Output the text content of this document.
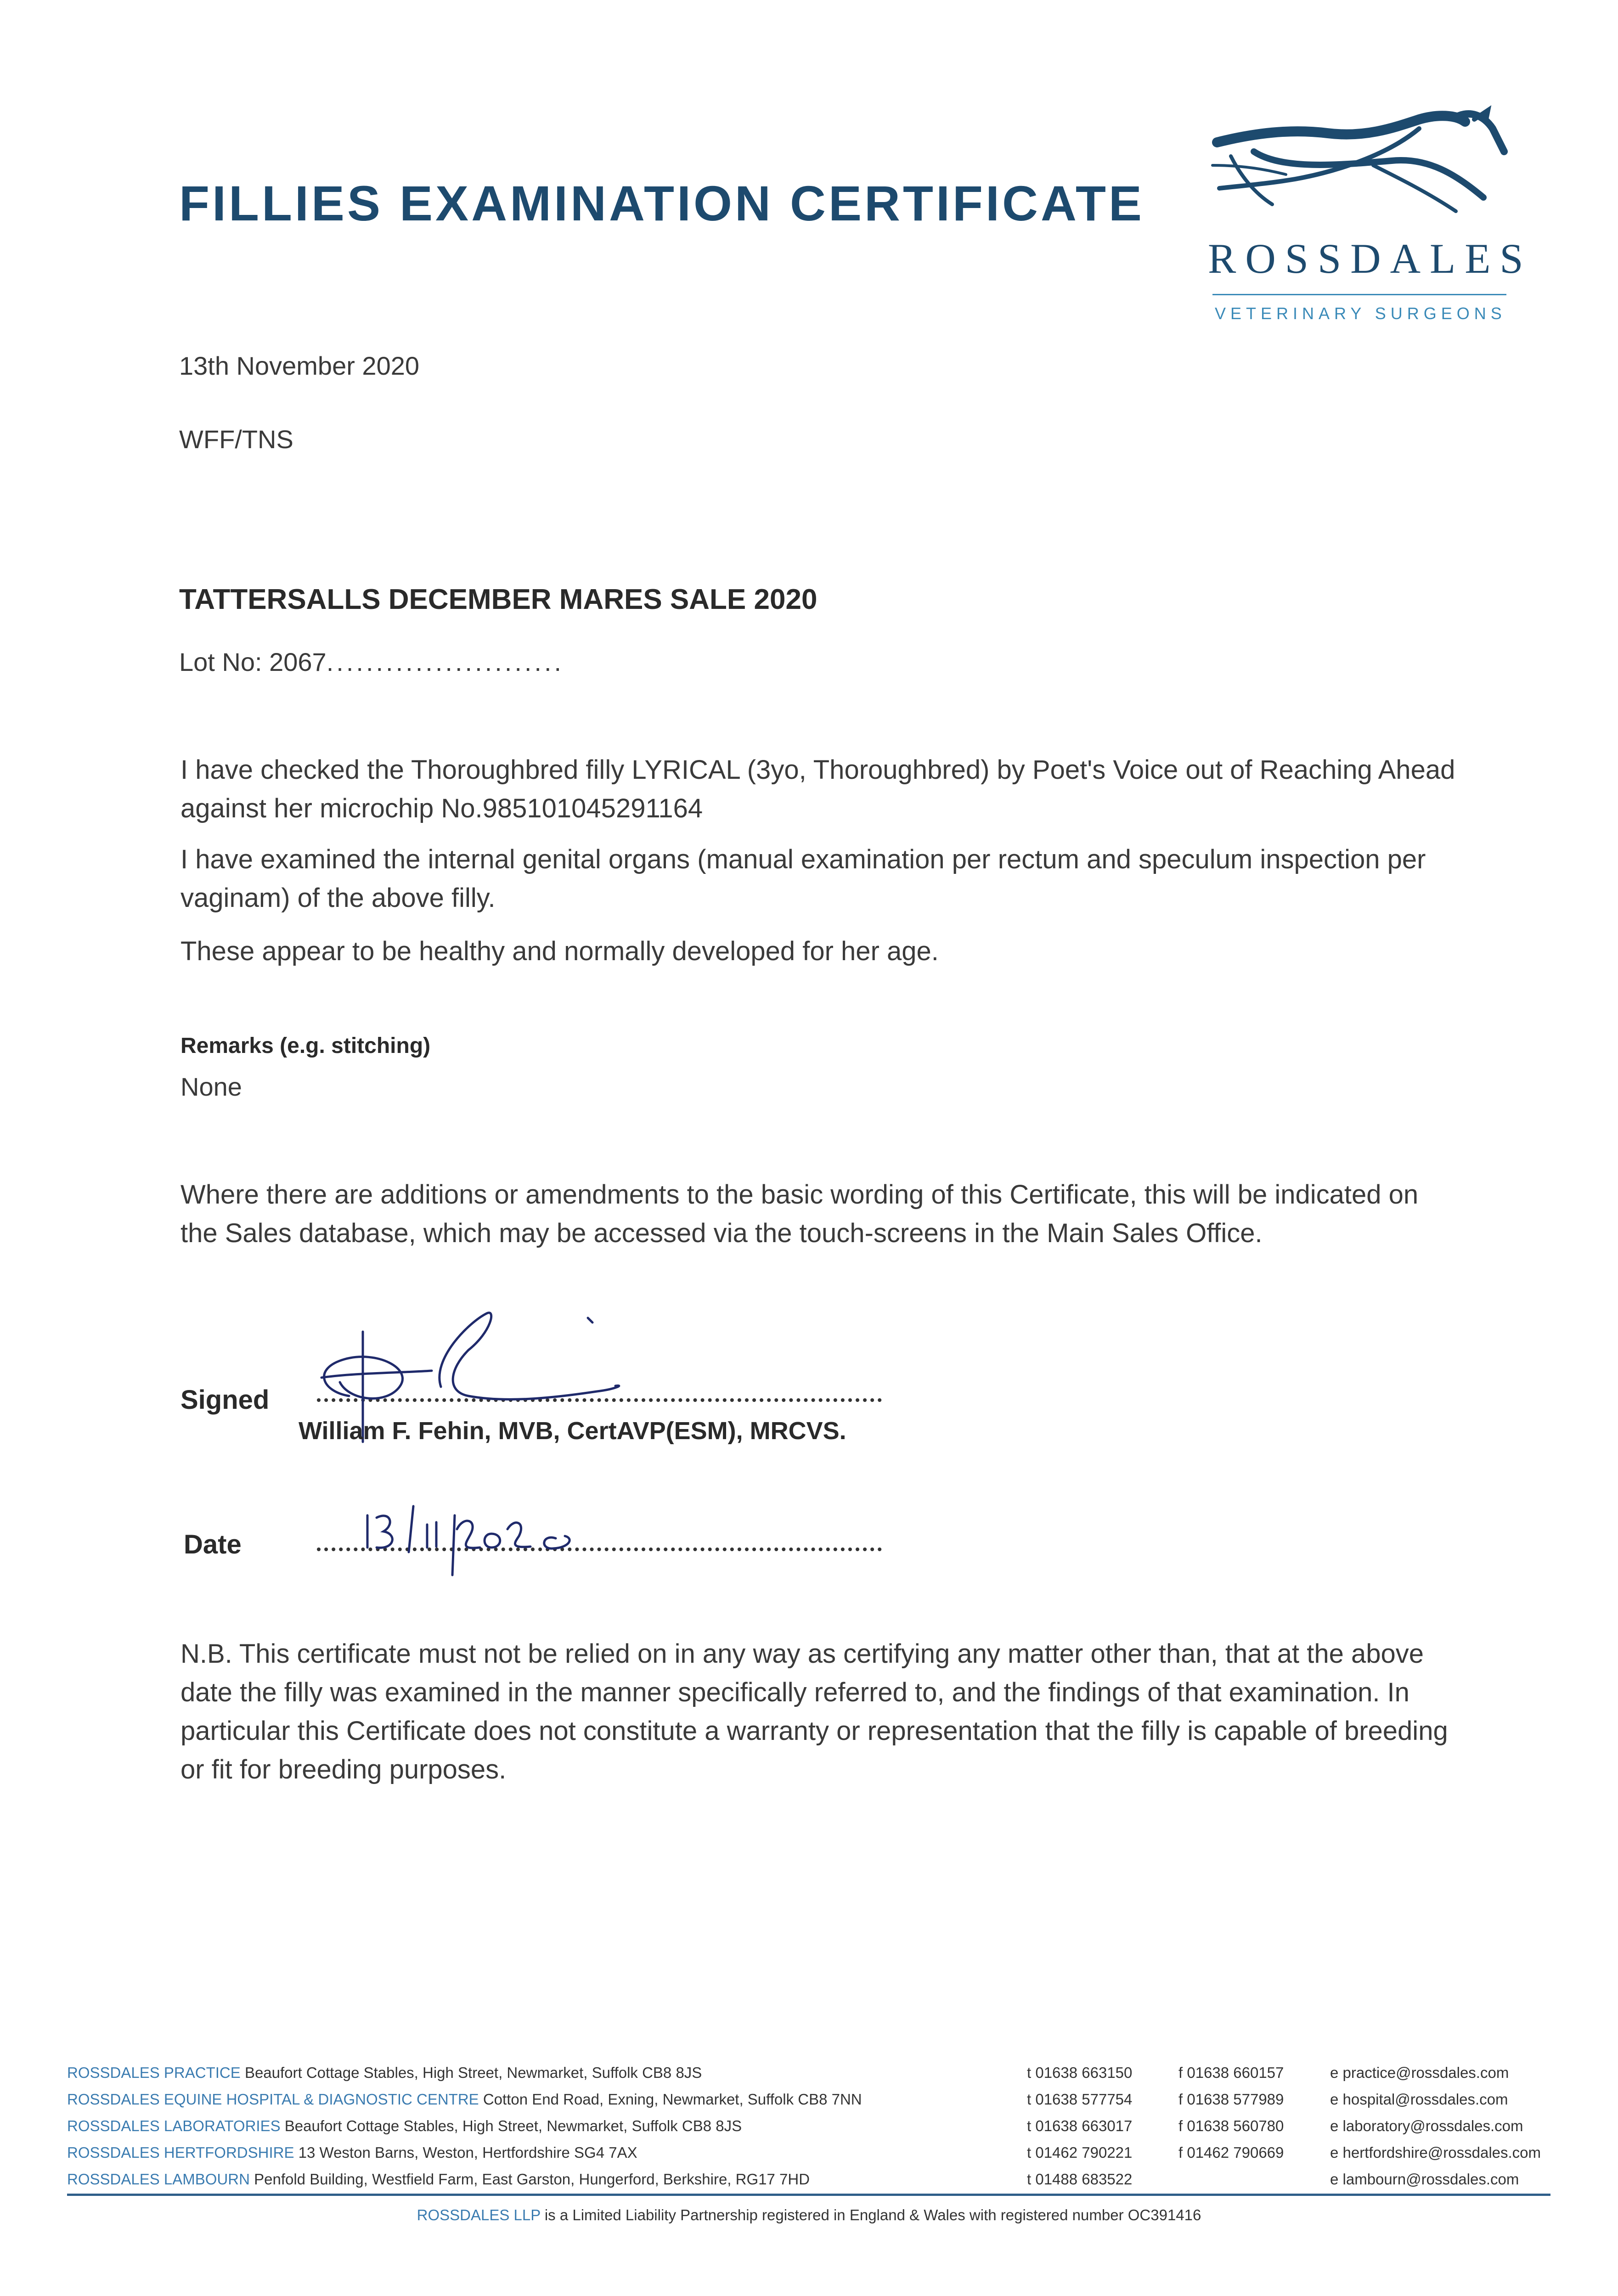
FILLIES EXAMINATION CERTIFICATE
ROSSDALES
VETERINARY SURGEONS
13th November 2020
WFF/TNS
TATTERSALLS DECEMBER MARES SALE 2020
Lot No: 2067........................
I have checked the Thoroughbred filly LYRICAL (3yo, Thoroughbred) by Poet's Voice out of Reaching Ahead against her microchip No.985101045291164
I have examined the internal genital organs (manual examination per rectum and speculum inspection per vaginam) of the above filly.
These appear to be healthy and normally developed for her age.
Remarks (e.g. stitching)
None
Where there are additions or amendments to the basic wording of this Certificate, this will be indicated on the Sales database, which may be accessed via the touch-screens in the Main Sales Office.
Signed
William F. Fehin, MVB, CertAVP(ESM), MRCVS.
Date
N.B. This certificate must not be relied on in any way as certifying any matter other than, that at the above date the filly was examined in the manner specifically referred to, and the findings of that examination. In particular this Certificate does not constitute a warranty or representation that the filly is capable of breeding or fit for breeding purposes.
ROSSDALES PRACTICE Beaufort Cottage Stables, High Street, Newmarket, Suffolk CB8 8JS	t 01638 663150	f 01638 660157	e practice@rossdales.com
ROSSDALES EQUINE HOSPITAL & DIAGNOSTIC CENTRE Cotton End Road, Exning, Newmarket, Suffolk CB8 7NN	t 01638 577754	f 01638 577989	e hospital@rossdales.com
ROSSDALES LABORATORIES Beaufort Cottage Stables, High Street, Newmarket, Suffolk CB8 8JS	t 01638 663017	f 01638 560780	e laboratory@rossdales.com
ROSSDALES HERTFORDSHIRE 13 Weston Barns, Weston, Hertfordshire SG4 7AX	t 01462 790221	f 01462 790669	e hertfordshire@rossdales.com
ROSSDALES LAMBOURN Penfold Building, Westfield Farm, East Garston, Hungerford, Berkshire, RG17 7HD	t 01488 683522		e lambourn@rossdales.com
ROSSDALES LLP is a Limited Liability Partnership registered in England & Wales with registered number OC391416
